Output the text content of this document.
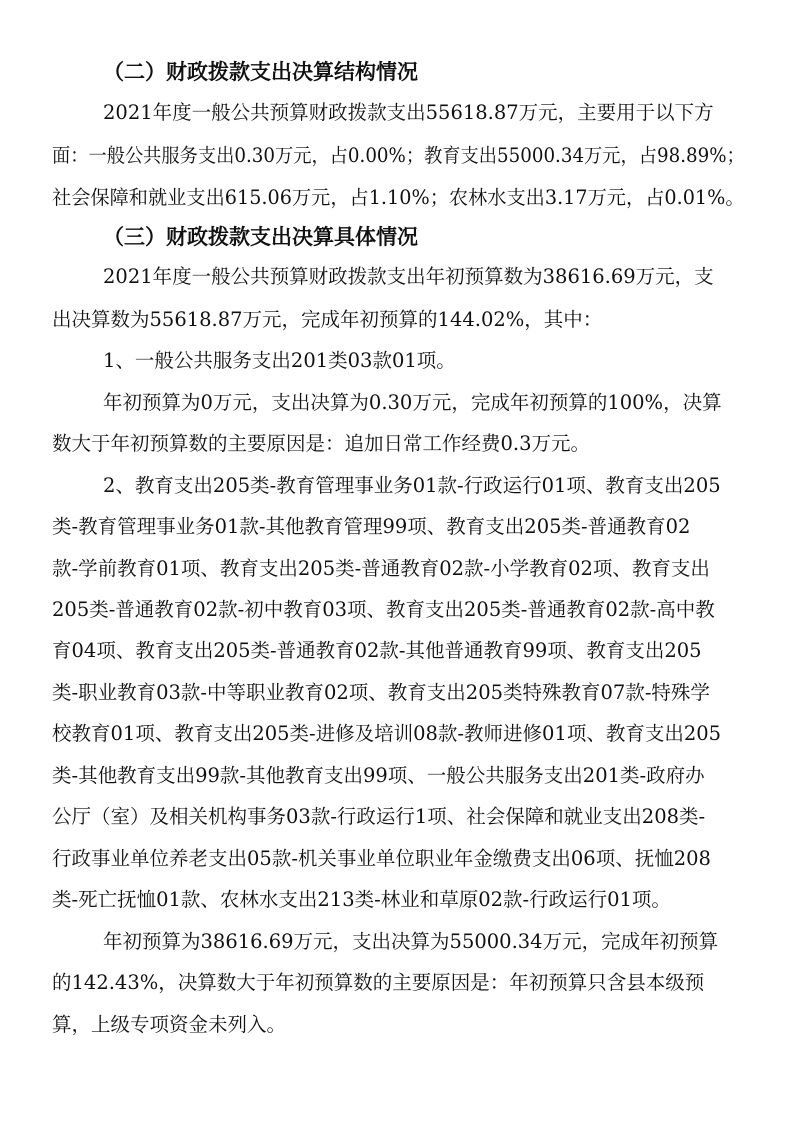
（二）财政拨款支出决算结构情况
2021年度一般公共预算财政拨款支出55618.87万元，主要用于以下方
面：一般公共服务支出0.30万元，占0.00%；教育支出55000.34万元，占98.89%；
社会保障和就业支出615.06万元，占1.10%；农林水支出3.17万元，占0.01%。
（三）财政拨款支出决算具体情况
2021年度一般公共预算财政拨款支出年初预算数为38616.69万元，支
出决算数为55618.87万元，完成年初预算的144.02%，其中：
1、一般公共服务支出201类03款01项。
年初预算为0万元，支出决算为0.30万元，完成年初预算的100%，决算
数大于年初预算数的主要原因是：追加日常工作经费0.3万元。
2、教育支出205类-教育管理事业务01款-行政运行01项、教育支出205
类-教育管理事业务01款-其他教育管理99项、教育支出205类-普通教育02
款-学前教育01项、教育支出205类-普通教育02款-小学教育02项、教育支出
205类-普通教育02款-初中教育03项、教育支出205类-普通教育02款-高中教
育04项、教育支出205类-普通教育02款-其他普通教育99项、教育支出205
类-职业教育03款-中等职业教育02项、教育支出205类特殊教育07款-特殊学
校教育01项、教育支出205类-进修及培训08款-教师进修01项、教育支出205
类-其他教育支出99款-其他教育支出99项、一般公共服务支出201类-政府办
公厅（室）及相关机构事务03款-行政运行1项、社会保障和就业支出208类-
行政事业单位养老支出05款-机关事业单位职业年金缴费支出06项、抚恤208
类-死亡抚恤01款、农林水支出213类-林业和草原02款-行政运行01项。
年初预算为38616.69万元，支出决算为55000.34万元，完成年初预算
的142.43%，决算数大于年初预算数的主要原因是：年初预算只含县本级预
算，上级专项资金未列入。
